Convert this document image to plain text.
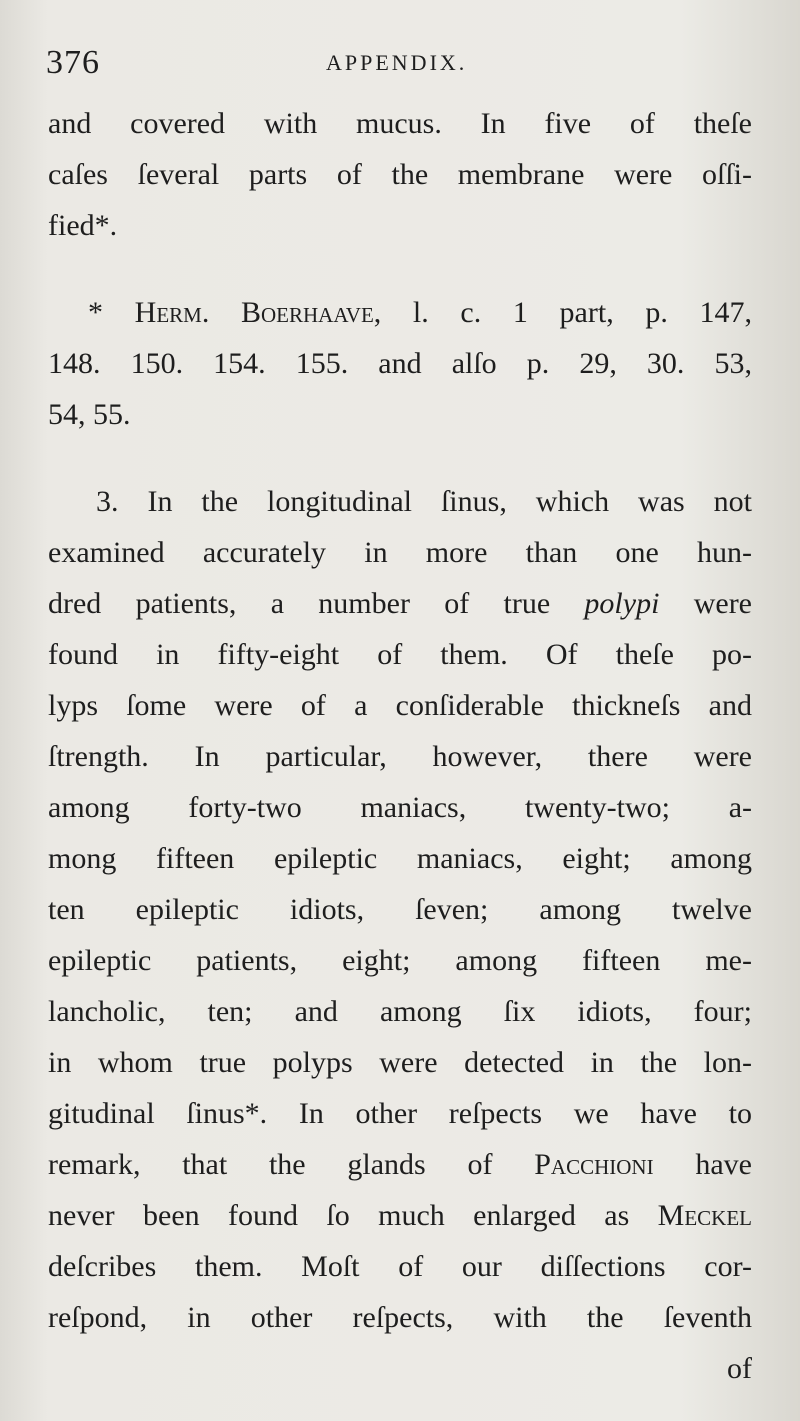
376	APPENDIX.
and covered with mucus. In five of theſe
caſes ſeveral parts of the membrane were oſſi-
fied*.
* Herm. Boerhaave, l. c. 1 part, p. 147,
148. 150. 154. 155. and alſo p. 29, 30. 53,
54, 55.
3. In the longitudinal ſinus, which was not
examined accurately in more than one hun-
dred patients, a number of true polypi were
found in fifty-eight of them. Of theſe po-
lyps ſome were of a conſiderable thickneſs and
ſtrength. In particular, however, there were
among forty-two maniacs, twenty-two; a-
mong fifteen epileptic maniacs, eight; among
ten epileptic idiots, ſeven; among twelve
epileptic patients, eight; among fifteen me-
lancholic, ten; and among ſix idiots, four;
in whom true polyps were detected in the lon-
gitudinal ſinus*. In other reſpects we have to
remark, that the glands of Pacchioni have
never been found ſo much enlarged as Meckel
deſcribes them. Moſt of our diſſections cor-
reſpond, in other reſpects, with the ſeventh
of
